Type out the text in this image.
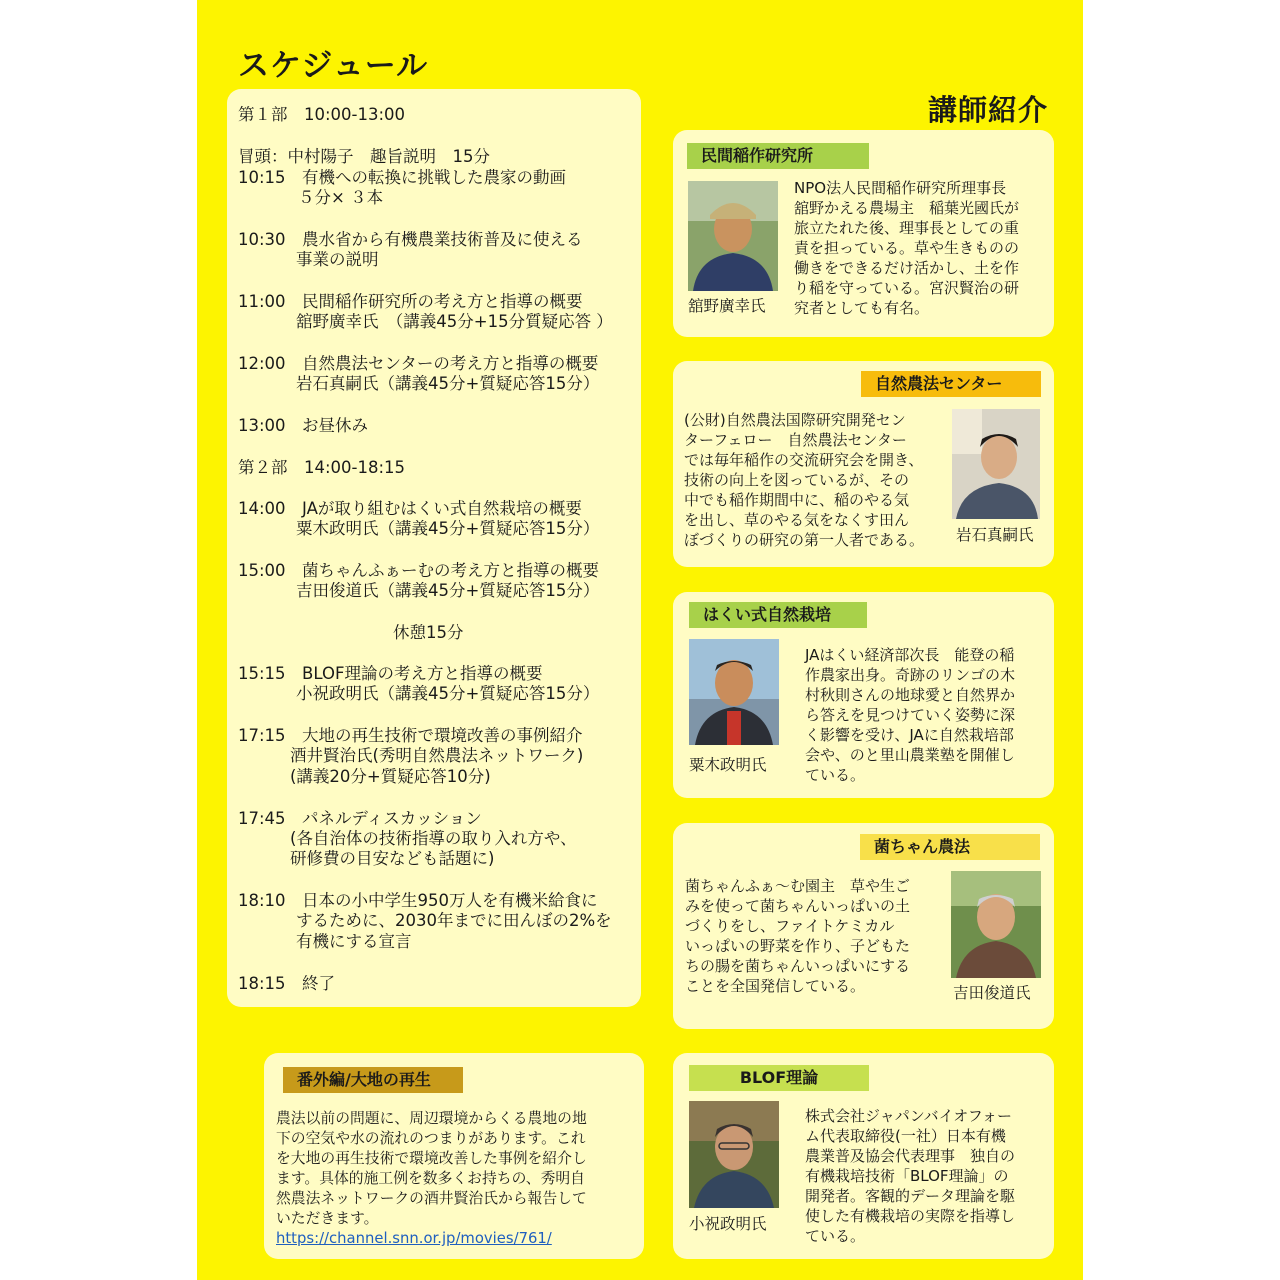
スケジュール
第１部　10:00-13:00
冒頭：中村陽子　趣旨説明　15分
10:15　有機への転換に挑戦した農家の動画
５分× ３本
10:30　農水省から有機農業技術普及に使える
事業の説明
11:00　民間稲作研究所の考え方と指導の概要
舘野廣幸氏　（講義45分+15分質疑応答 ）
12:00　自然農法センターの考え方と指導の概要
岩石真嗣氏（講義45分+質疑応答15分）
13:00　お昼休み
第２部　14:00-18:15
14:00　JAが取り組むはくい式自然栽培の概要
粟木政明氏（講義45分+質疑応答15分）
15:00　菌ちゃんふぁーむの考え方と指導の概要
吉田俊道氏（講義45分+質疑応答15分）
休憩15分
15:15　BLOF理論の考え方と指導の概要
小祝政明氏（講義45分+質疑応答15分）
17:15　大地の再生技術で環境改善の事例紹介
酒井賢治氏(秀明自然農法ネットワーク)
(講義20分+質疑応答10分)
17:45　パネルディスカッション
(各自治体の技術指導の取り入れ方や、
研修費の目安なども話題に)
18:10　日本の小中学生950万人を有機米給食に
するために、2030年までに田んぼの2%を
有機にする宣言
18:15　終了
講師紹介
民間稲作研究所
舘野廣幸氏
NPO法人民間稲作研究所理事長
舘野かえる農場主　稲葉光國氏が
旅立たれた後、理事長としての重
責を担っている。草や生きものの
働きをできるだけ活かし、土を作
り稲を守っている。宮沢賢治の研
究者としても有名。
自然農法センター
岩石真嗣氏
(公財)自然農法国際研究開発セン
ターフェロー　自然農法センター
では毎年稲作の交流研究会を開き、
技術の向上を図っているが、その
中でも稲作期間中に、稲のやる気
を出し、草のやる気をなくす田ん
ぼづくりの研究の第一人者である。
はくい式自然栽培
粟木政明氏
JAはくい経済部次長　能登の稲
作農家出身。奇跡のリンゴの木
村秋則さんの地球愛と自然界か
ら答えを見つけていく姿勢に深
く影響を受け、JAに自然栽培部
会や、のと里山農業塾を開催し
ている。
菌ちゃん農法
吉田俊道氏
菌ちゃんふぁ～む園主　草や生ご
みを使って菌ちゃんいっぱいの土
づくりをし、ファイトケミカル
いっぱいの野菜を作り、子どもた
ちの腸を菌ちゃんいっぱいにする
ことを全国発信している。
BLOF理論
小祝政明氏
株式会社ジャパンバイオフォー
ム代表取締役(一社）日本有機
農業普及協会代表理事　独自の
有機栽培技術「BLOF理論」の
開発者。客観的データ理論を駆
使した有機栽培の実際を指導し
ている。
番外編/大地の再生
農法以前の問題に、周辺環境からくる農地の地
下の空気や水の流れのつまりがあります。これ
を大地の再生技術で環境改善した事例を紹介し
ます。具体的施工例を数多くお持ちの、秀明自
然農法ネットワークの酒井賢治氏から報告して
いただきます。
https://channel.snn.or.jp/movies/761/
